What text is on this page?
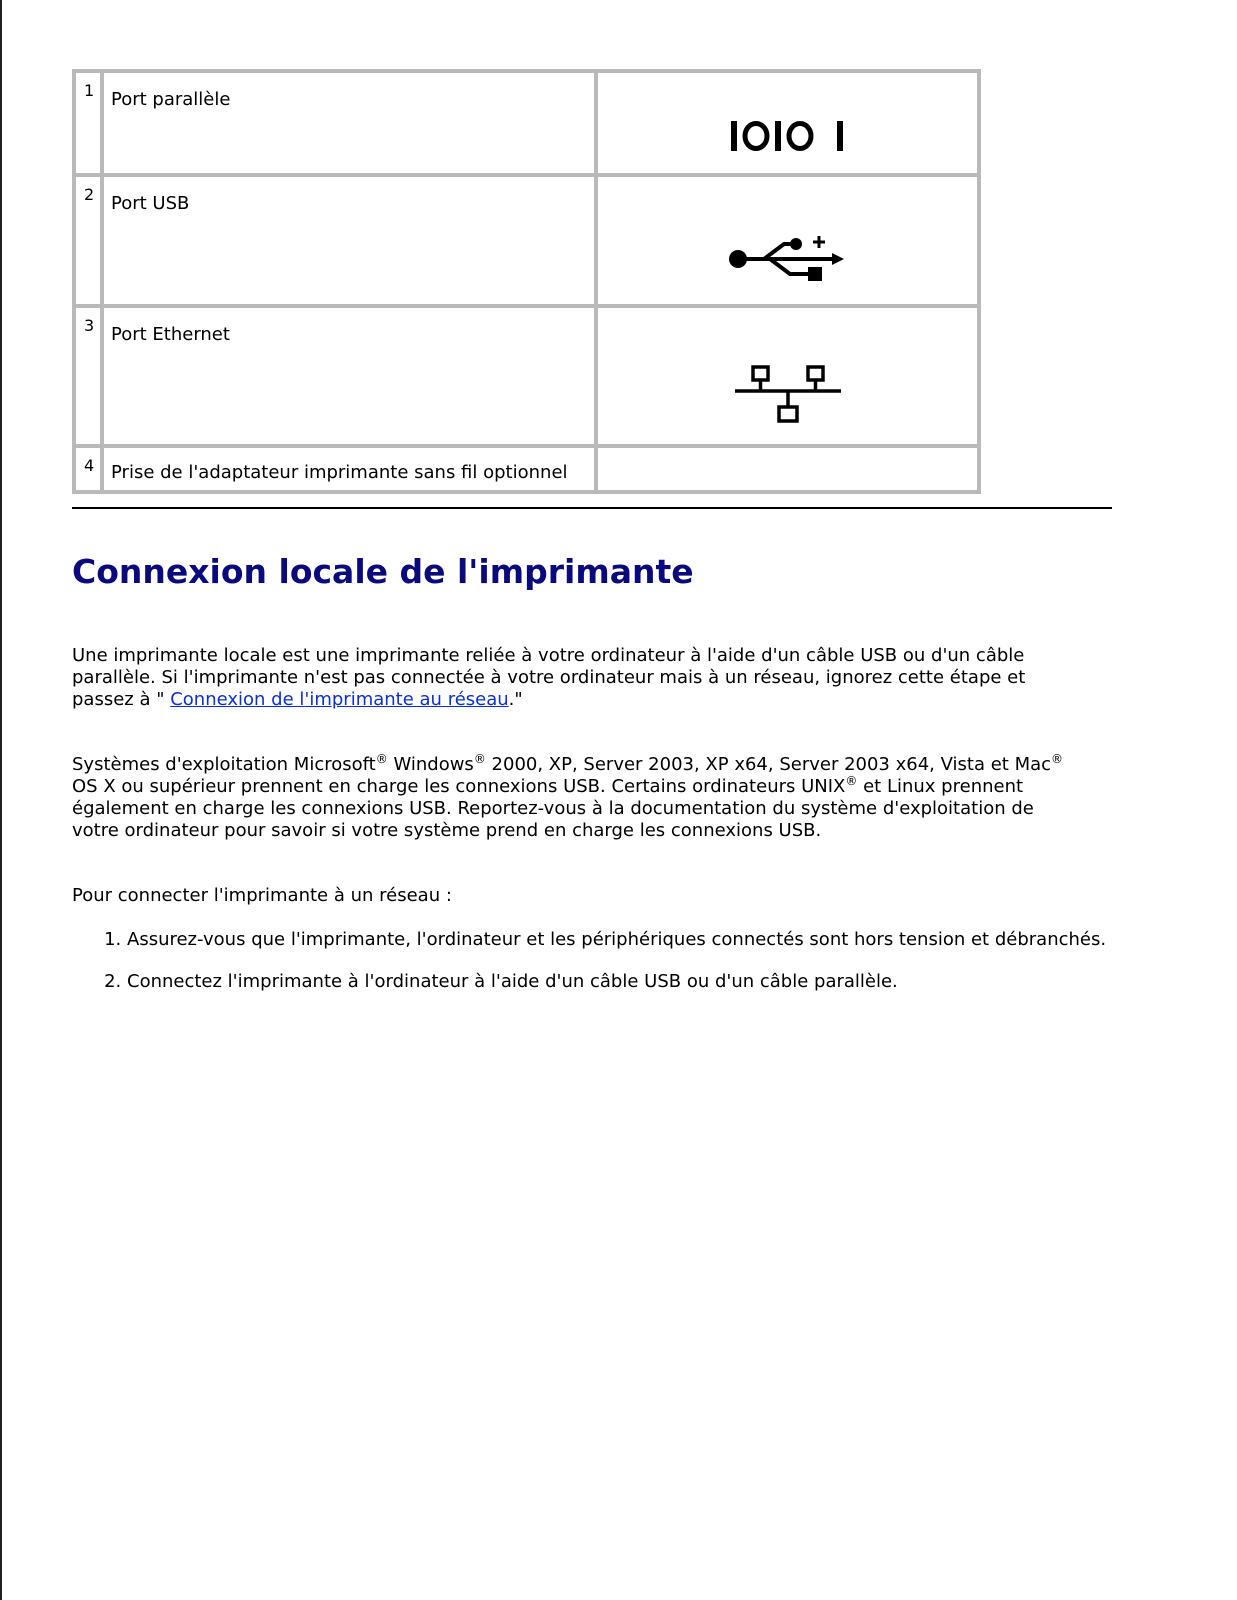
1	Port parallèle	
2	Port USB	
3	Port Ethernet	
4	Prise de l'adaptateur imprimante sans fil optionnel	
Connexion locale de l'imprimante

Une imprimante locale est une imprimante reliée à votre ordinateur à l'aide d'un câble USB ou d'un câble parallèle. Si l'imprimante n'est pas connectée à votre ordinateur mais à un réseau, ignorez cette étape et passez à " Connexion de l'imprimante au réseau."

Systèmes d'exploitation Microsoft® Windows® 2000, XP, Server 2003, XP x64, Server 2003 x64, Vista et Mac® OS X ou supérieur prennent en charge les connexions USB. Certains ordinateurs UNIX® et Linux prennent également en charge les connexions USB. Reportez-vous à la documentation du système d'exploitation de votre ordinateur pour savoir si votre système prend en charge les connexions USB.

Pour connecter l'imprimante à un réseau :

1. Assurez-vous que l'imprimante, l'ordinateur et les périphériques connectés sont hors tension et débranchés.
2. Connectez l'imprimante à l'ordinateur à l'aide d'un câble USB ou d'un câble parallèle.
